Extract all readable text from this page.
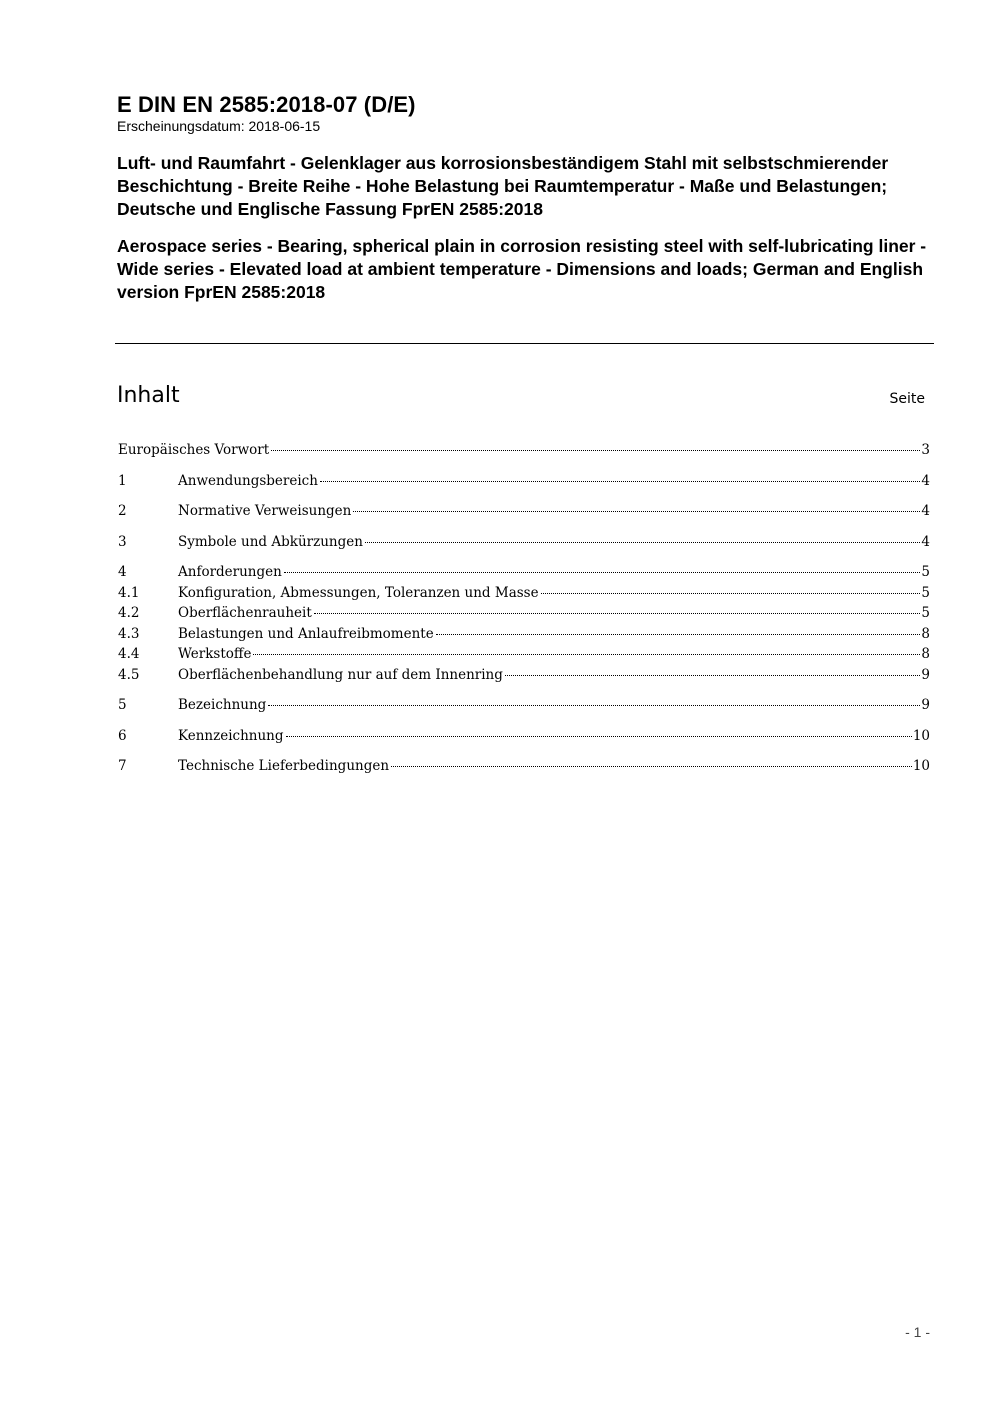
E DIN EN 2585:2018-07 (D/E)

Erscheinungsdatum: 2018-06-15

Luft- und Raumfahrt - Gelenklager aus korrosionsbeständigem Stahl mit selbstschmierender Beschichtung - Breite Reihe - Hohe Belastung bei Raumtemperatur - Maße und Belastungen; Deutsche und Englische Fassung FprEN 2585:2018

Aerospace series - Bearing, spherical plain in corrosion resisting steel with self-lubricating liner - Wide series - Elevated load at ambient temperature - Dimensions and loads; German and English version FprEN 2585:2018

Inhalt	Seite
Europäisches Vorwort	3
1	Anwendungsbereich	4
2	Normative Verweisungen	4
3	Symbole und Abkürzungen	4
4	Anforderungen	5
4.1	Konfiguration, Abmessungen, Toleranzen und Masse	5
4.2	Oberflächenrauheit	5
4.3	Belastungen und Anlaufreibmomente	8
4.4	Werkstoffe	8
4.5	Oberflächenbehandlung nur auf dem Innenring	9
5	Bezeichnung	9
6	Kennzeichnung	10
7	Technische Lieferbedingungen	10
- 1 -
